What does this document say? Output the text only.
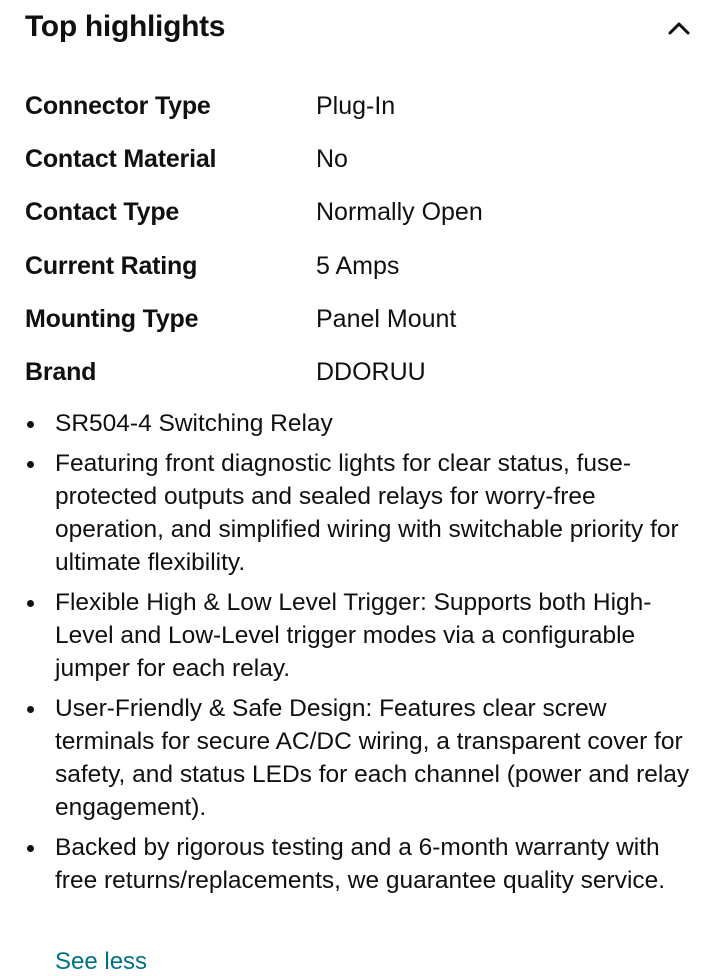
Top highlights
Connector Type	Plug-In
Contact Material	No
Contact Type	Normally Open
Current Rating	5 Amps
Mounting Type	Panel Mount
Brand	DDORUU
SR504-4 Switching Relay
Featuring front diagnostic lights for clear status, fuse-protected outputs and sealed relays for worry-free operation, and simplified wiring with switchable priority for ultimate flexibility.
Flexible High & Low Level Trigger: Supports both High-Level and Low-Level trigger modes via a configurable jumper for each relay.
User-Friendly & Safe Design: Features clear screw terminals for secure AC/DC wiring, a transparent cover for safety, and status LEDs for each channel (power and relay engagement).
Backed by rigorous testing and a 6-month warranty with free returns/replacements, we guarantee quality service.
See less
